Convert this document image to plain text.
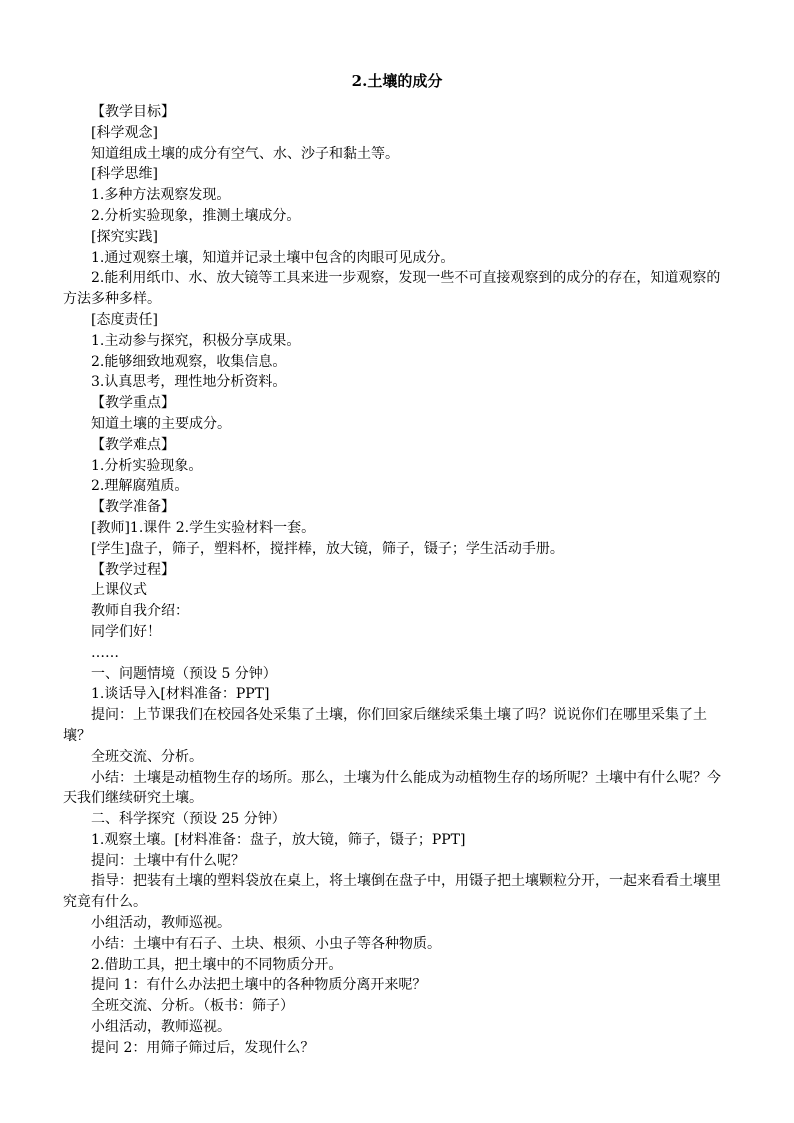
2.土壤的成分

【教学目标】

[科学观念]

知道组成土壤的成分有空气、水、沙子和黏土等。

[科学思维]

1.多种方法观察发现。

2.分析实验现象，推测土壤成分。

[探究实践]

1.通过观察土壤，知道并记录土壤中包含的肉眼可见成分。

2.能利用纸巾、水、放大镜等工具来进一步观察，发现一些不可直接观察到的成分的存在，知道观察的方法多种多样。

[态度责任]

1.主动参与探究，积极分享成果。

2.能够细致地观察，收集信息。

3.认真思考，理性地分析资料。

【教学重点】

知道土壤的主要成分。

【教学难点】

1.分析实验现象。

2.理解腐殖质。

【教学准备】

[教师]1.课件 2.学生实验材料一套。

[学生]盘子，筛子，塑料杯，搅拌棒，放大镜，筛子，镊子；学生活动手册。

【教学过程】

上课仪式

教师自我介绍：

同学们好！

……

一、问题情境（预设 5 分钟）

1.谈话导入[材料准备：PPT]

提问：上节课我们在校园各处采集了土壤，你们回家后继续采集土壤了吗？说说你们在哪里采集了土壤？

全班交流、分析。

小结：土壤是动植物生存的场所。那么，土壤为什么能成为动植物生存的场所呢？土壤中有什么呢？今天我们继续研究土壤。

二、科学探究（预设 25 分钟）

1.观察土壤。[材料准备：盘子，放大镜，筛子，镊子；PPT]

提问：土壤中有什么呢？

指导：把装有土壤的塑料袋放在桌上，将土壤倒在盘子中，用镊子把土壤颗粒分开，一起来看看土壤里究竟有什么。

小组活动，教师巡视。

小结：土壤中有石子、土块、根须、小虫子等各种物质。

2.借助工具，把土壤中的不同物质分开。

提问 1：有什么办法把土壤中的各种物质分离开来呢？

全班交流、分析。（板书：筛子）

小组活动，教师巡视。

提问 2：用筛子筛过后，发现什么？
